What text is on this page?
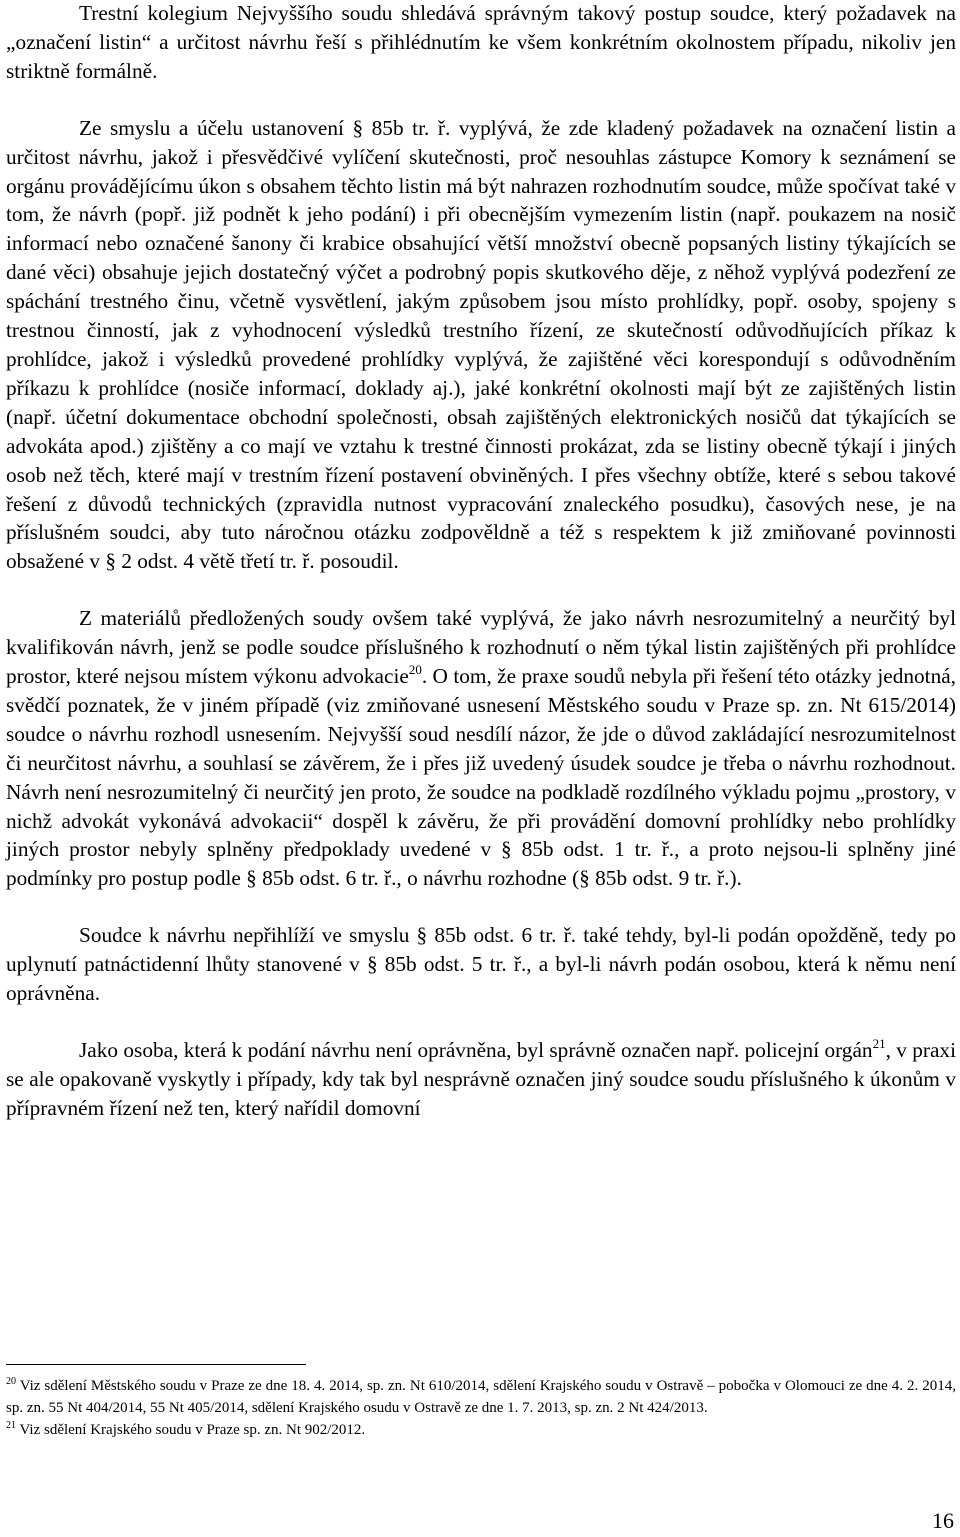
Trestní kolegium Nejvyššího soudu shledává správným takový postup soudce, který požadavek na „označení listin“ a určitost návrhu řeší s přihlédnutím ke všem konkrétním okolnostem případu, nikoliv jen striktně formálně.

Ze smyslu a účelu ustanovení § 85b tr. ř. vyplývá, že zde kladený požadavek na označení listin a určitost návrhu, jakož i přesvědčivé vylíčení skutečnosti, proč nesouhlas zástupce Komory k seznámení se orgánu provádějícímu úkon s obsahem těchto listin má být nahrazen rozhodnutím soudce, může spočívat také v tom, že návrh (popř. již podnět k jeho podání) i při obecnějším vymezením listin (např. poukazem na nosič informací nebo označené šanony či krabice obsahující větší množství obecně popsaných listiny týkajících se dané věci) obsahuje jejich dostatečný výčet a podrobný popis skutkového děje, z něhož vyplývá podezření ze spáchání trestného činu, včetně vysvětlení, jakým způsobem jsou místo prohlídky, popř. osoby, spojeny s trestnou činností, jak z vyhodnocení výsledků trestního řízení, ze skutečností odůvodňujících příkaz k prohlídce, jakož i výsledků provedené prohlídky vyplývá, že zajištěné věci korespondují s odůvodněním příkazu k prohlídce (nosiče informací, doklady aj.), jaké konkrétní okolnosti mají být ze zajištěných listin (např. účetní dokumentace obchodní společnosti, obsah zajištěných elektronických nosičů dat týkajících se advokáta apod.) zjištěny a co mají ve vztahu k trestné činnosti prokázat, zda se listiny obecně týkají i jiných osob než těch, které mají v trestním řízení postavení obviněných. I přes všechny obtíže, které s sebou takové řešení z důvodů technických (zpravidla nutnost vypracování znaleckého posudku), časových nese, je na příslušném soudci, aby tuto náročnou otázku zodpověldně a též s respektem k již zmiňované povinnosti obsažené v § 2 odst. 4 větě třetí tr. ř. posoudil.

Z materiálů předložených soudy ovšem také vyplývá, že jako návrh nesrozumitelný a neurčitý byl kvalifikován návrh, jenž se podle soudce příslušného k rozhodnutí o něm týkal listin zajištěných při prohlídce prostor, které nejsou místem výkonu advokacie$^{20}$. O tom, že praxe soudů nebyla při řešení této otázky jednotná, svědčí poznatek, že v jiném případě (viz zmiňované usnesení Městského soudu v Praze sp. zn. Nt 615/2014) soudce o návrhu rozhodl usnesením. Nejvyšší soud nesdílí názor, že jde o důvod zakládající nesrozumitelnost či neurčitost návrhu, a souhlasí se závěrem, že i přes již uvedený úsudek soudce je třeba o návrhu rozhodnout. Návrh není nesrozumitelný či neurčitý jen proto, že soudce na podkladě rozdílného výkladu pojmu „prostory, v nichž advokát vykonává advokacii“ dospěl k závěru, že při provádění domovní prohlídky nebo prohlídky jiných prostor nebyly splněny předpoklady uvedené v § 85b odst. 1 tr. ř., a proto nejsou-li splněny jiné podmínky pro postup podle § 85b odst. 6 tr. ř., o návrhu rozhodne (§ 85b odst. 9 tr. ř.).

Soudce k návrhu nepřihlíží ve smyslu § 85b odst. 6 tr. ř. také tehdy, byl-li podán opožděně, tedy po uplynutí patnáctidenní lhůty stanovené v § 85b odst. 5 tr. ř., a byl-li návrh podán osobou, která k němu není oprávněna.

Jako osoba, která k podání návrhu není oprávněna, byl správně označen např. policejní orgán$^{21}$, v praxi se ale opakovaně vyskytly i případy, kdy tak byl nesprávně označen jiný soudce soudu příslušného k úkonům v přípravném řízení než ten, který nařídil domovní

$^{20}$ Viz sdělení Městského soudu v Praze ze dne 18. 4. 2014, sp. zn. Nt 610/2014, sdělení Krajského soudu v Ostravě – pobočka v Olomouci ze dne 4. 2. 2014, sp. zn. 55 Nt 404/2014, 55 Nt 405/2014, sdělení Krajského osudu v Ostravě ze dne 1. 7. 2013, sp. zn. 2 Nt 424/2013.

$^{21}$ Viz sdělení Krajského soudu v Praze sp. zn. Nt 902/2012.

16
